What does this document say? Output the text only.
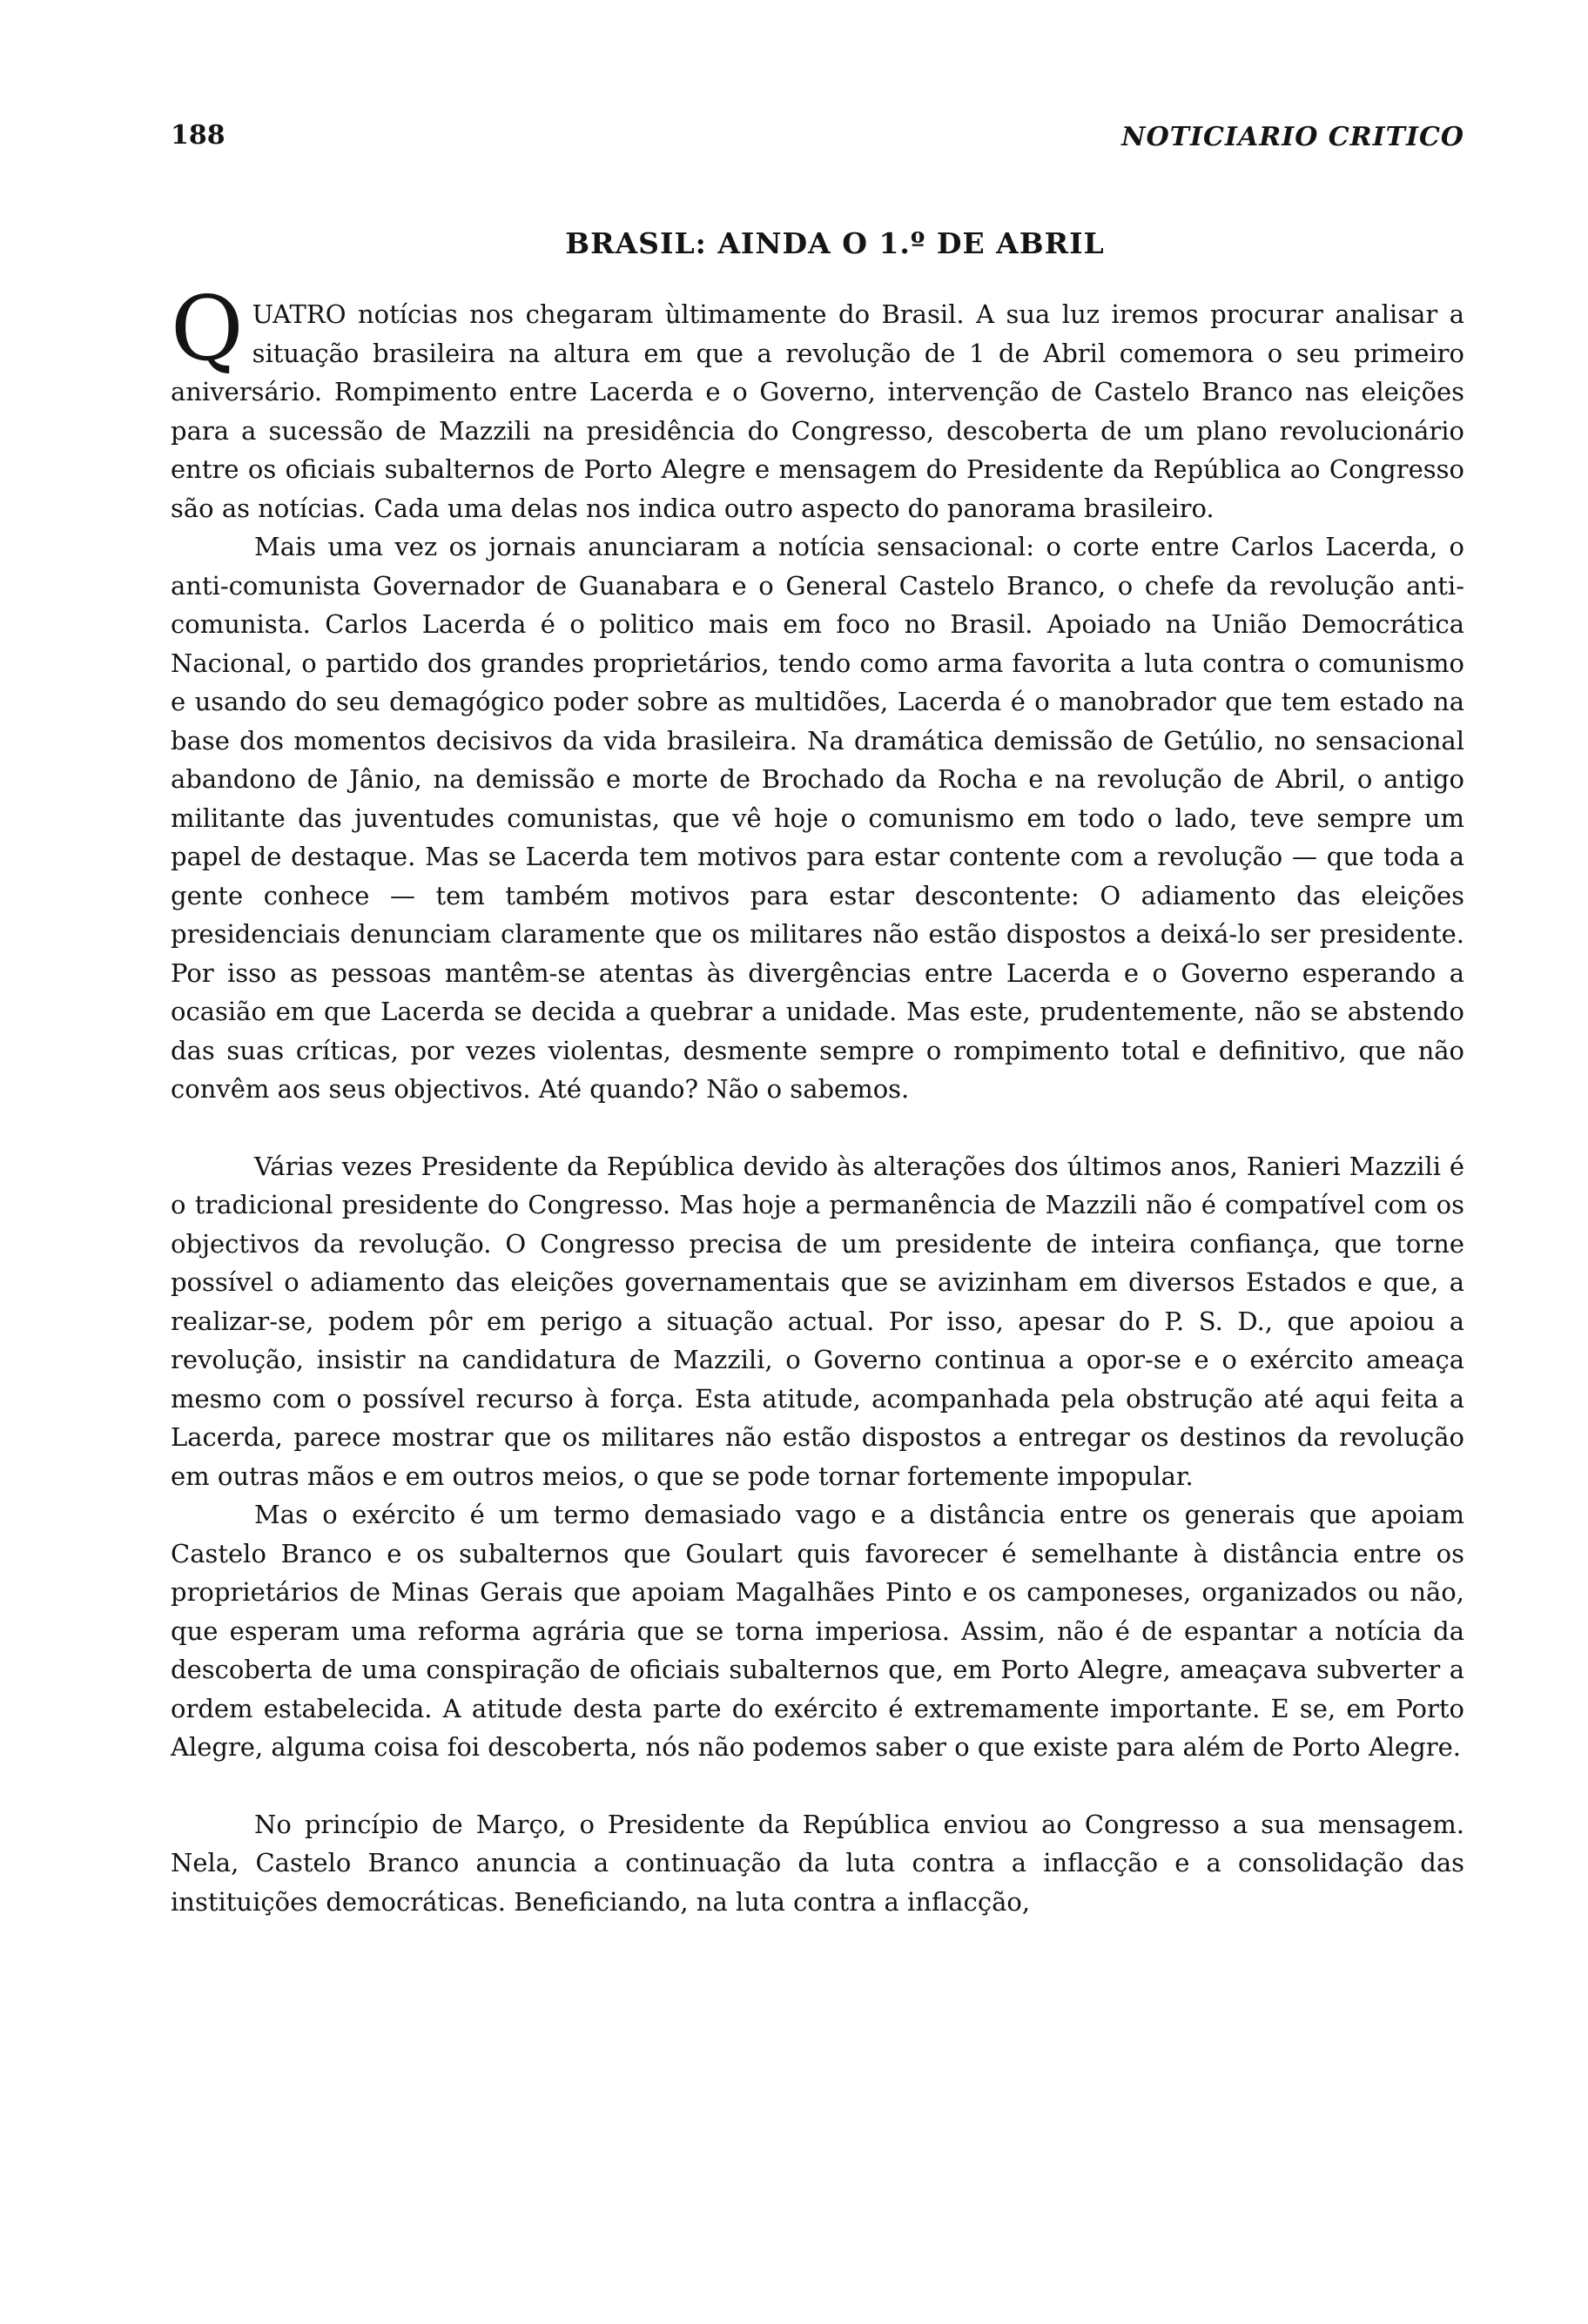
188	NOTICIARIO CRITICO
BRASIL: AINDA O 1.º DE ABRIL

QUATRO notícias nos chegaram ùltimamente do Brasil. A sua luz iremos procurar analisar a situação brasileira na altura em que a revolução de 1 de Abril comemora o seu primeiro aniversário. Rompimento entre Lacerda e o Governo, intervenção de Castelo Branco nas eleições para a sucessão de Mazzili na presidência do Congresso, descoberta de um plano revolucionário entre os oficiais subalternos de Porto Alegre e mensagem do Presidente da República ao Congresso são as notícias. Cada uma delas nos indica outro aspecto do panorama brasileiro.

Mais uma vez os jornais anunciaram a notícia sensacional: o corte entre Carlos Lacerda, o anti-comunista Governador de Guanabara e o General Castelo Branco, o chefe da revolução anti-comunista. Carlos Lacerda é o politico mais em foco no Brasil. Apoiado na União Democrática Nacional, o partido dos grandes proprietários, tendo como arma favorita a luta contra o comunismo e usando do seu demagógico poder sobre as multidões, Lacerda é o manobrador que tem estado na base dos momentos decisivos da vida brasileira. Na dramática demissão de Getúlio, no sensacional abandono de Jânio, na demissão e morte de Brochado da Rocha e na revolução de Abril, o antigo militante das juventudes comunistas, que vê hoje o comunismo em todo o lado, teve sempre um papel de destaque. Mas se Lacerda tem motivos para estar contente com a revolução — que toda a gente conhece — tem também motivos para estar descontente: O adiamento das eleições presidenciais denunciam claramente que os militares não estão dispostos a deixá-lo ser presidente. Por isso as pessoas mantêm-se atentas às divergências entre Lacerda e o Governo esperando a ocasião em que Lacerda se decida a quebrar a unidade. Mas este, prudentemente, não se abstendo das suas críticas, por vezes violentas, desmente sempre o rompimento total e definitivo, que não convêm aos seus objectivos. Até quando? Não o sabemos.

Várias vezes Presidente da República devido às alterações dos últimos anos, Ranieri Mazzili é o tradicional presidente do Congresso. Mas hoje a permanência de Mazzili não é compatível com os objectivos da revolução. O Congresso precisa de um presidente de inteira confiança, que torne possível o adiamento das eleições governamentais que se avizinham em diversos Estados e que, a realizar-se, podem pôr em perigo a situação actual. Por isso, apesar do P. S. D., que apoiou a revolução, insistir na candidatura de Mazzili, o Governo continua a opor-se e o exército ameaça mesmo com o possível recurso à força. Esta atitude, acompanhada pela obstrução até aqui feita a Lacerda, parece mostrar que os militares não estão dispostos a entregar os destinos da revolução em outras mãos e em outros meios, o que se pode tornar fortemente impopular.

Mas o exército é um termo demasiado vago e a distância entre os generais que apoiam Castelo Branco e os subalternos que Goulart quis favorecer é semelhante à distância entre os proprietários de Minas Gerais que apoiam Magalhães Pinto e os camponeses, organizados ou não, que esperam uma reforma agrária que se torna imperiosa. Assim, não é de espantar a notícia da descoberta de uma conspiração de oficiais subalternos que, em Porto Alegre, ameaçava subverter a ordem estabelecida. A atitude desta parte do exército é extremamente importante. E se, em Porto Alegre, alguma coisa foi descoberta, nós não podemos saber o que existe para além de Porto Alegre.

No princípio de Março, o Presidente da República enviou ao Congresso a sua mensagem. Nela, Castelo Branco anuncia a continuação da luta contra a inflacção e a consolidação das instituições democráticas. Beneficiando, na luta contra a inflacção,
